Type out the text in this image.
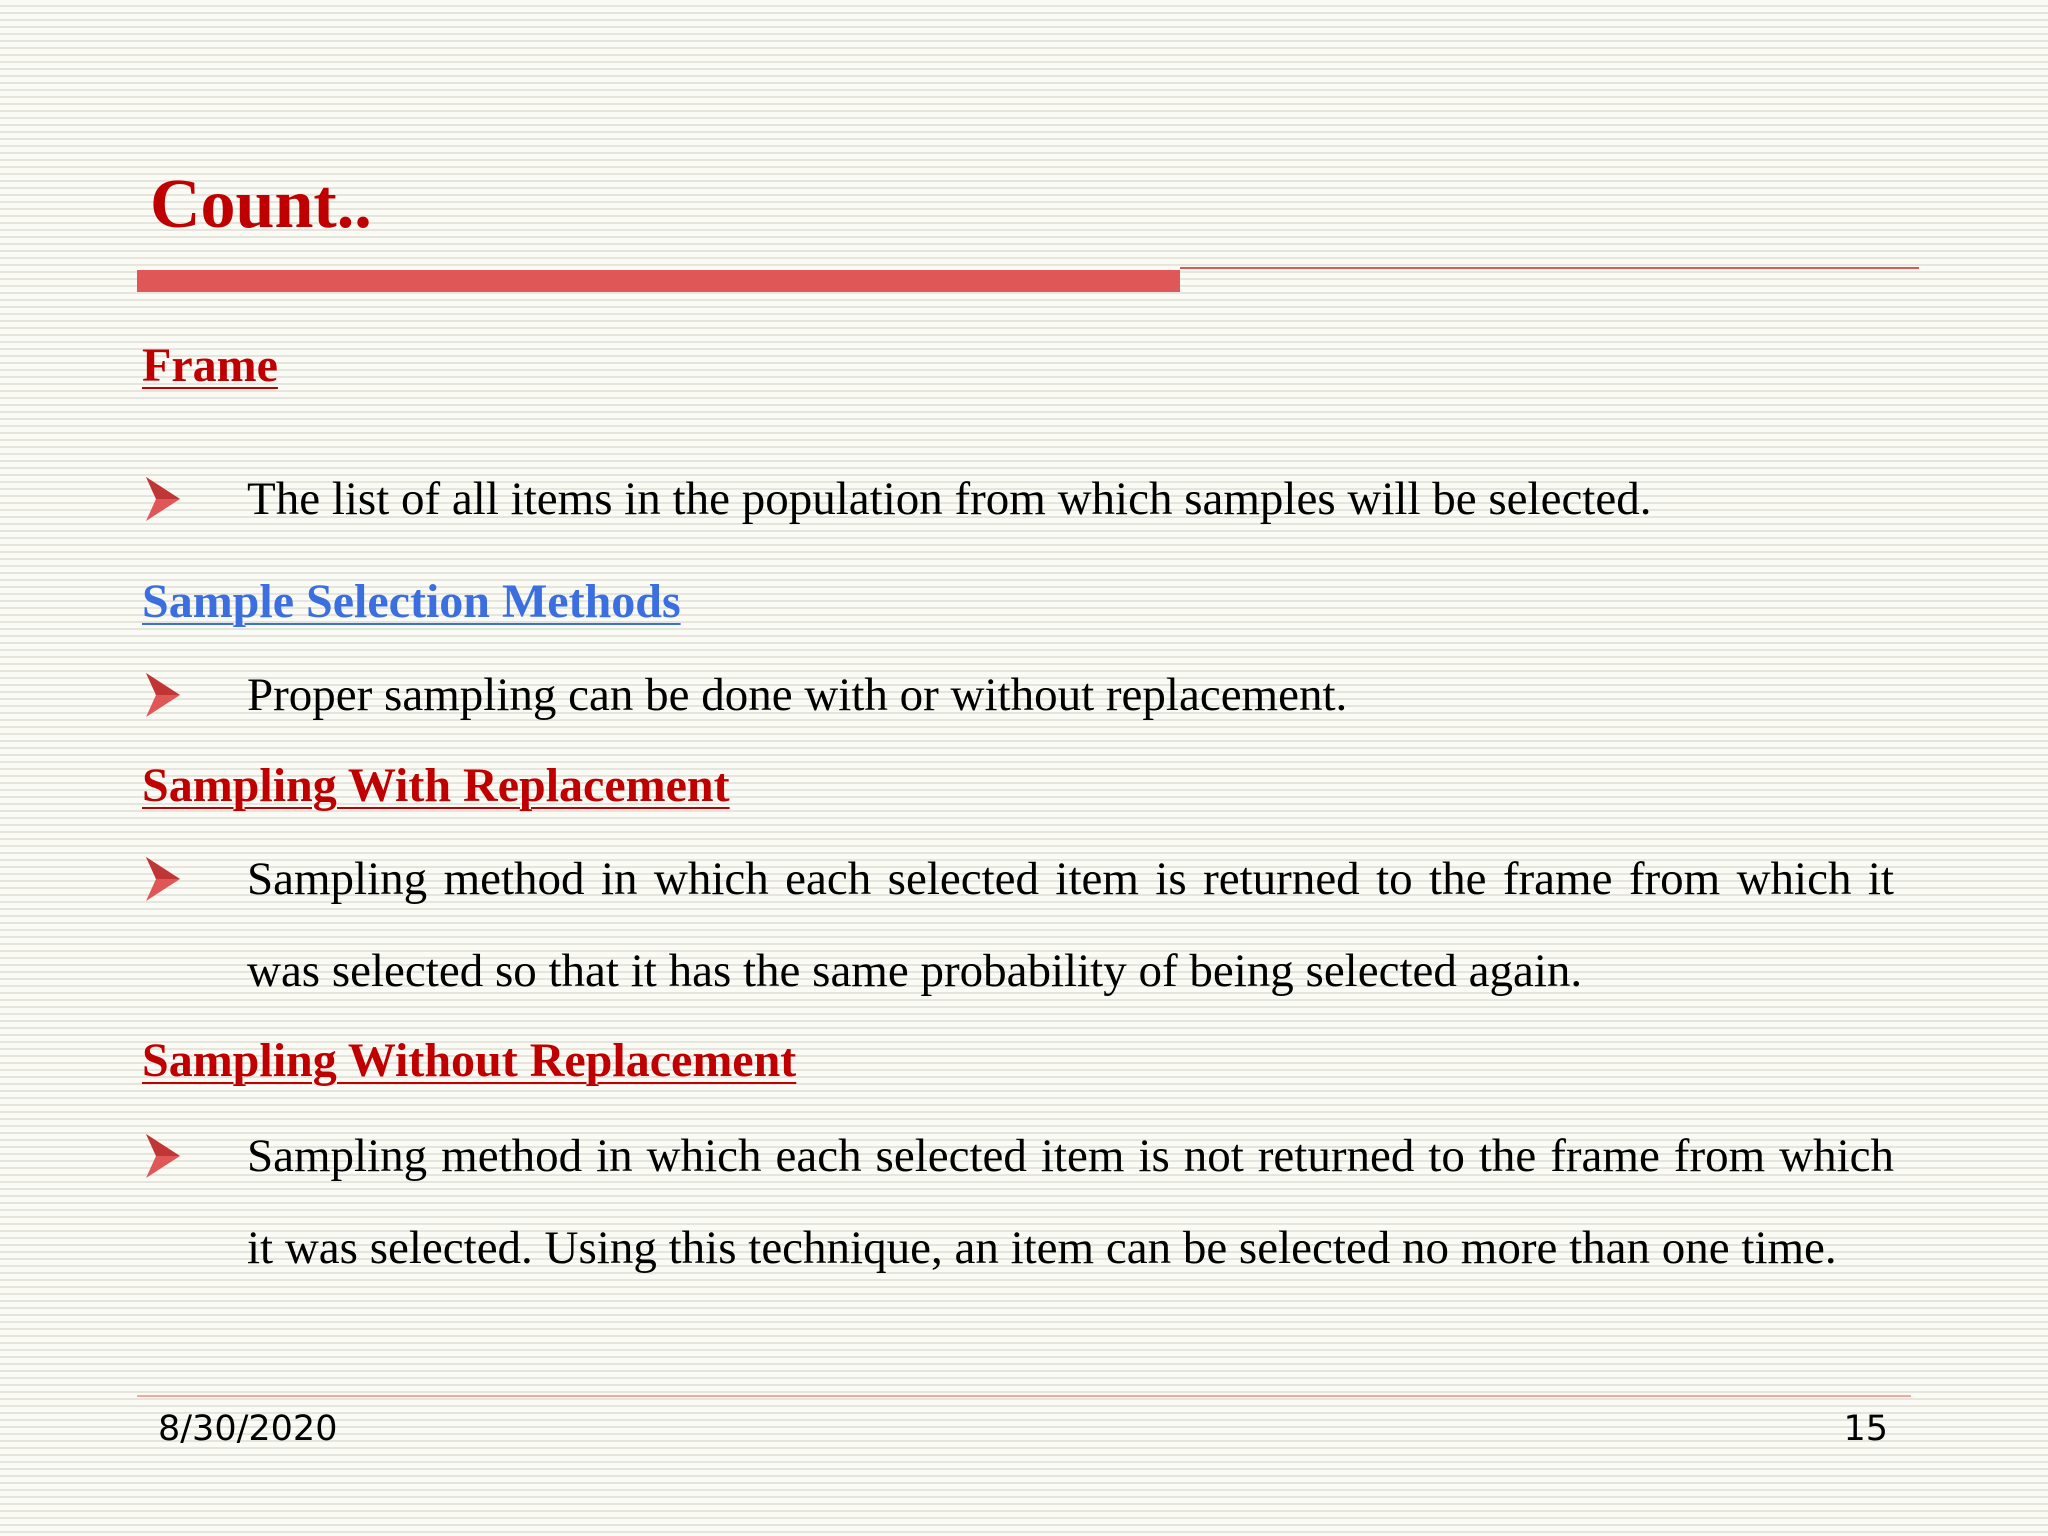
Count..
Frame

The list of all items in the population from which samples will be selected.

Sample Selection Methods

Proper sampling can be done with or without replacement.

Sampling With Replacement

Sampling method in which each selected item is returned to the frame from which it was selected so that it has the same probability of being selected again.

Sampling Without Replacement

Sampling method in which each selected item is not returned to the frame from which it was selected. Using this technique, an item can be selected no more than one time.

8/30/2020	15
